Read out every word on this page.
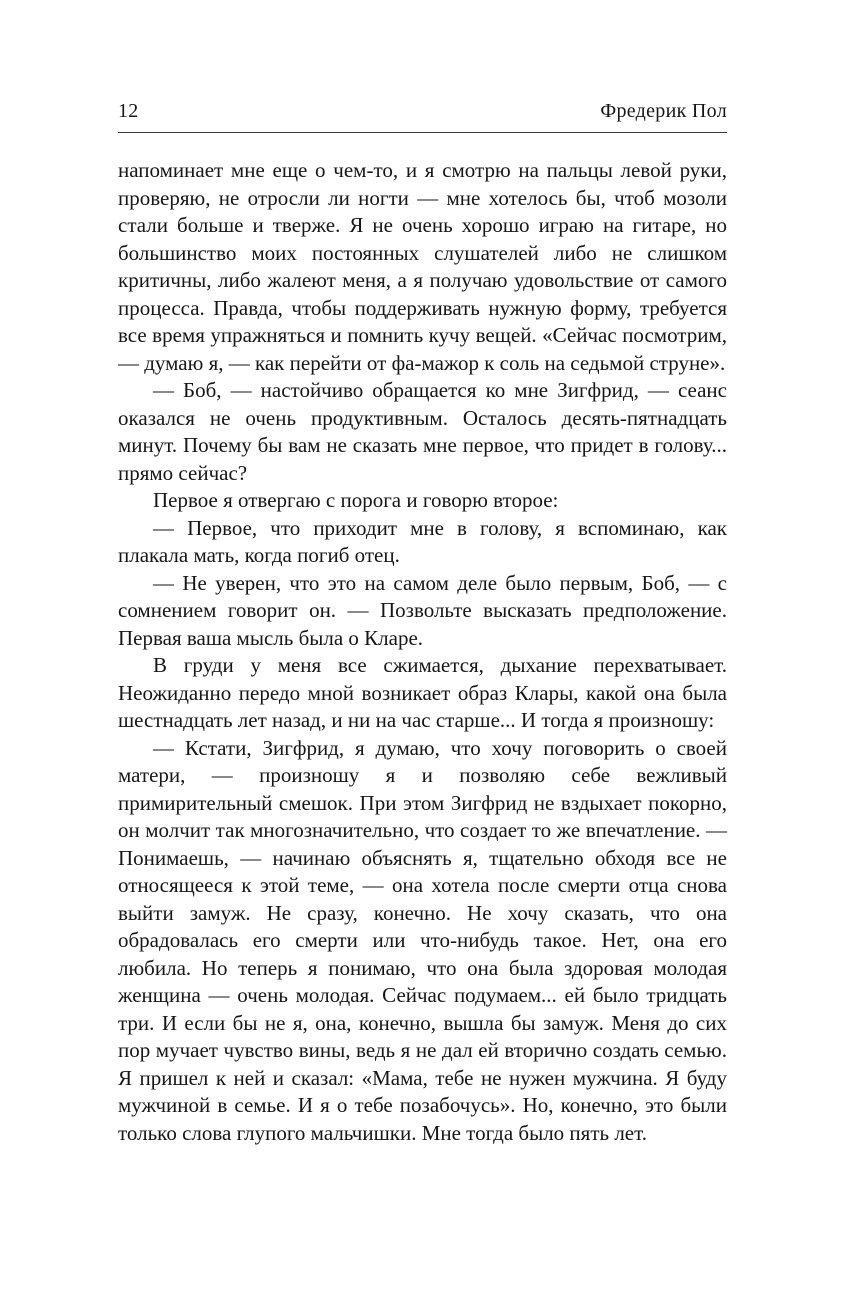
12	Фредерик Пол

напоминает мне еще о чем-то, и я смотрю на пальцы левой руки, проверяю, не отросли ли ногти — мне хотелось бы, чтоб мозоли стали больше и тверже. Я не очень хорошо играю на гитаре, но большинство моих постоянных слушателей либо не слишком критичны, либо жалеют меня, а я получаю удовольствие от самого процесса. Правда, чтобы поддерживать нужную форму, требуется все время упражняться и помнить кучу вещей. «Сейчас посмотрим, — думаю я, — как перейти от фа-мажор к соль на седьмой струне».

— Боб, — настойчиво обращается ко мне Зигфрид, — сеанс оказался не очень продуктивным. Осталось десять-пятнадцать минут. Почему бы вам не сказать мне первое, что придет в голову... прямо сейчас?

Первое я отвергаю с порога и говорю второе:

— Первое, что приходит мне в голову, я вспоминаю, как плакала мать, когда погиб отец.

— Не уверен, что это на самом деле было первым, Боб, — с сомнением говорит он. — Позвольте высказать предположение. Первая ваша мысль была о Кларе.

В груди у меня все сжимается, дыхание перехватывает. Неожиданно передо мной возникает образ Клары, какой она была шестнадцать лет назад, и ни на час старше... И тогда я произношу:

— Кстати, Зигфрид, я думаю, что хочу поговорить о своей матери, — произношу я и позволяю себе вежливый примирительный смешок. При этом Зигфрид не вздыхает покорно, он молчит так многозначительно, что создает то же впечатление. — Понимаешь, — начинаю объяснять я, тщательно обходя все не относящееся к этой теме, — она хотела после смерти отца снова выйти замуж. Не сразу, конечно. Не хочу сказать, что она обрадовалась его смерти или что-нибудь такое. Нет, она его любила. Но теперь я понимаю, что она была здоровая молодая женщина — очень молодая. Сейчас подумаем... ей было тридцать три. И если бы не я, она, конечно, вышла бы замуж. Меня до сих пор мучает чувство вины, ведь я не дал ей вторично создать семью. Я пришел к ней и сказал: «Мама, тебе не нужен мужчина. Я буду мужчиной в семье. И я о тебе позабочусь». Но, конечно, это были только слова глупого мальчишки. Мне тогда было пять лет.
